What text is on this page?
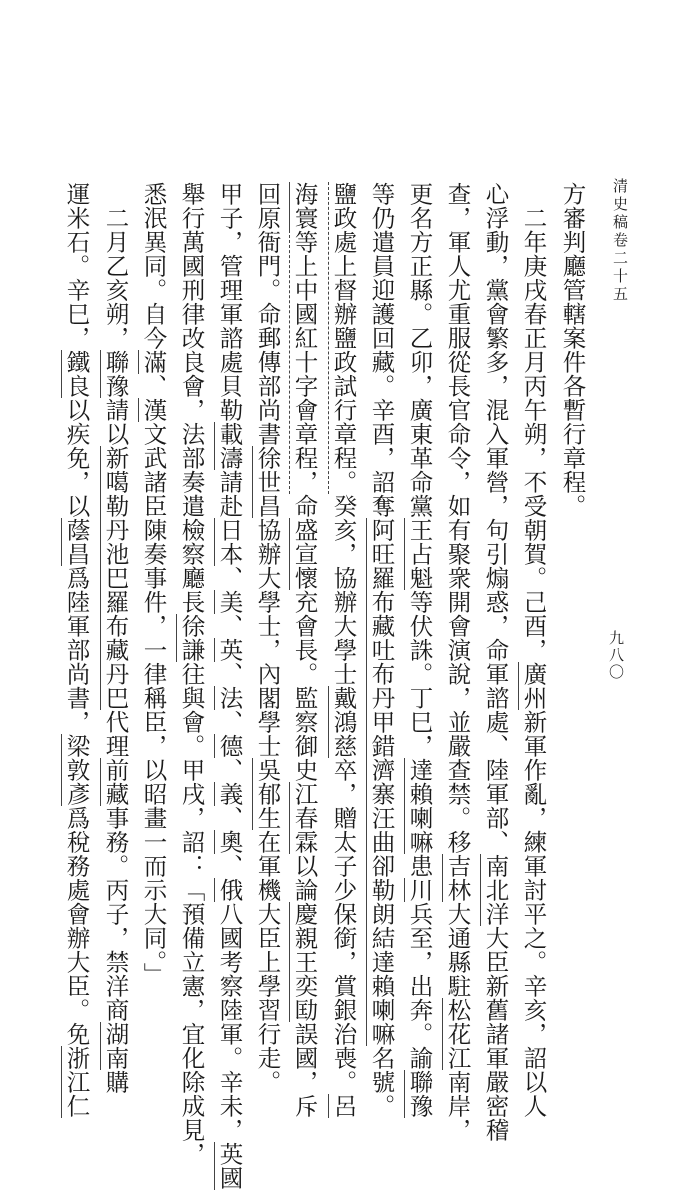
清史稿卷二十五
九八〇
方審判廳管轄案件各暫行章程。
　二年庚戌春正月丙午朔，不受朝賀。己酉，廣州新軍作亂，練軍討平之。辛亥，詔以人
心浮動，黨會繁多，混入軍營，句引煽惑，命軍諮處、陸軍部、南北洋大臣新舊諸軍嚴密稽
查，軍人尤重服從長官命令，如有聚衆開會演說，並嚴查禁。移吉林大通縣駐松花江南岸，
更名方正縣。乙卯，廣東革命黨王占魁等伏誅。丁巳，達賴喇嘛患川兵至，出奔。諭聯豫
等仍遣員迎護回藏。辛酉，詔奪阿旺羅布藏吐布丹甲錯濟寨汪曲卻勒朗結達賴喇嘛名號。
鹽政處上督辦鹽政試行章程。癸亥，協辦大學士戴鴻慈卒，贈太子少保銜，賞銀治喪。呂
海寰等上中國紅十字會章程，命盛宣懷充會長。監察御史江春霖以論慶親王奕劻誤國，斥
回原衙門。命郵傳部尚書徐世昌協辦大學士，內閣學士吳郁生在軍機大臣上學習行走。
甲子，管理軍諮處貝勒載濤請赴日本、美、英、法、德、義、奧、俄八國考察陸軍。辛未，英國
舉行萬國刑律改良會，法部奏遣檢察廳長徐謙往與會。甲戌，詔：「預備立憲，宜化除成見，
悉泯異同。自今滿、漢文武諸臣陳奏事件，一律稱臣，以昭畫一而示大同。」
　二月乙亥朔，聯豫請以新噶勒丹池巴羅布藏丹巴代理前藏事務。丙子，禁洋商湖南購
運米石。辛巳，鐵良以疾免，以蔭昌爲陸軍部尚書，梁敦彥爲稅務處會辦大臣。免浙江仁
